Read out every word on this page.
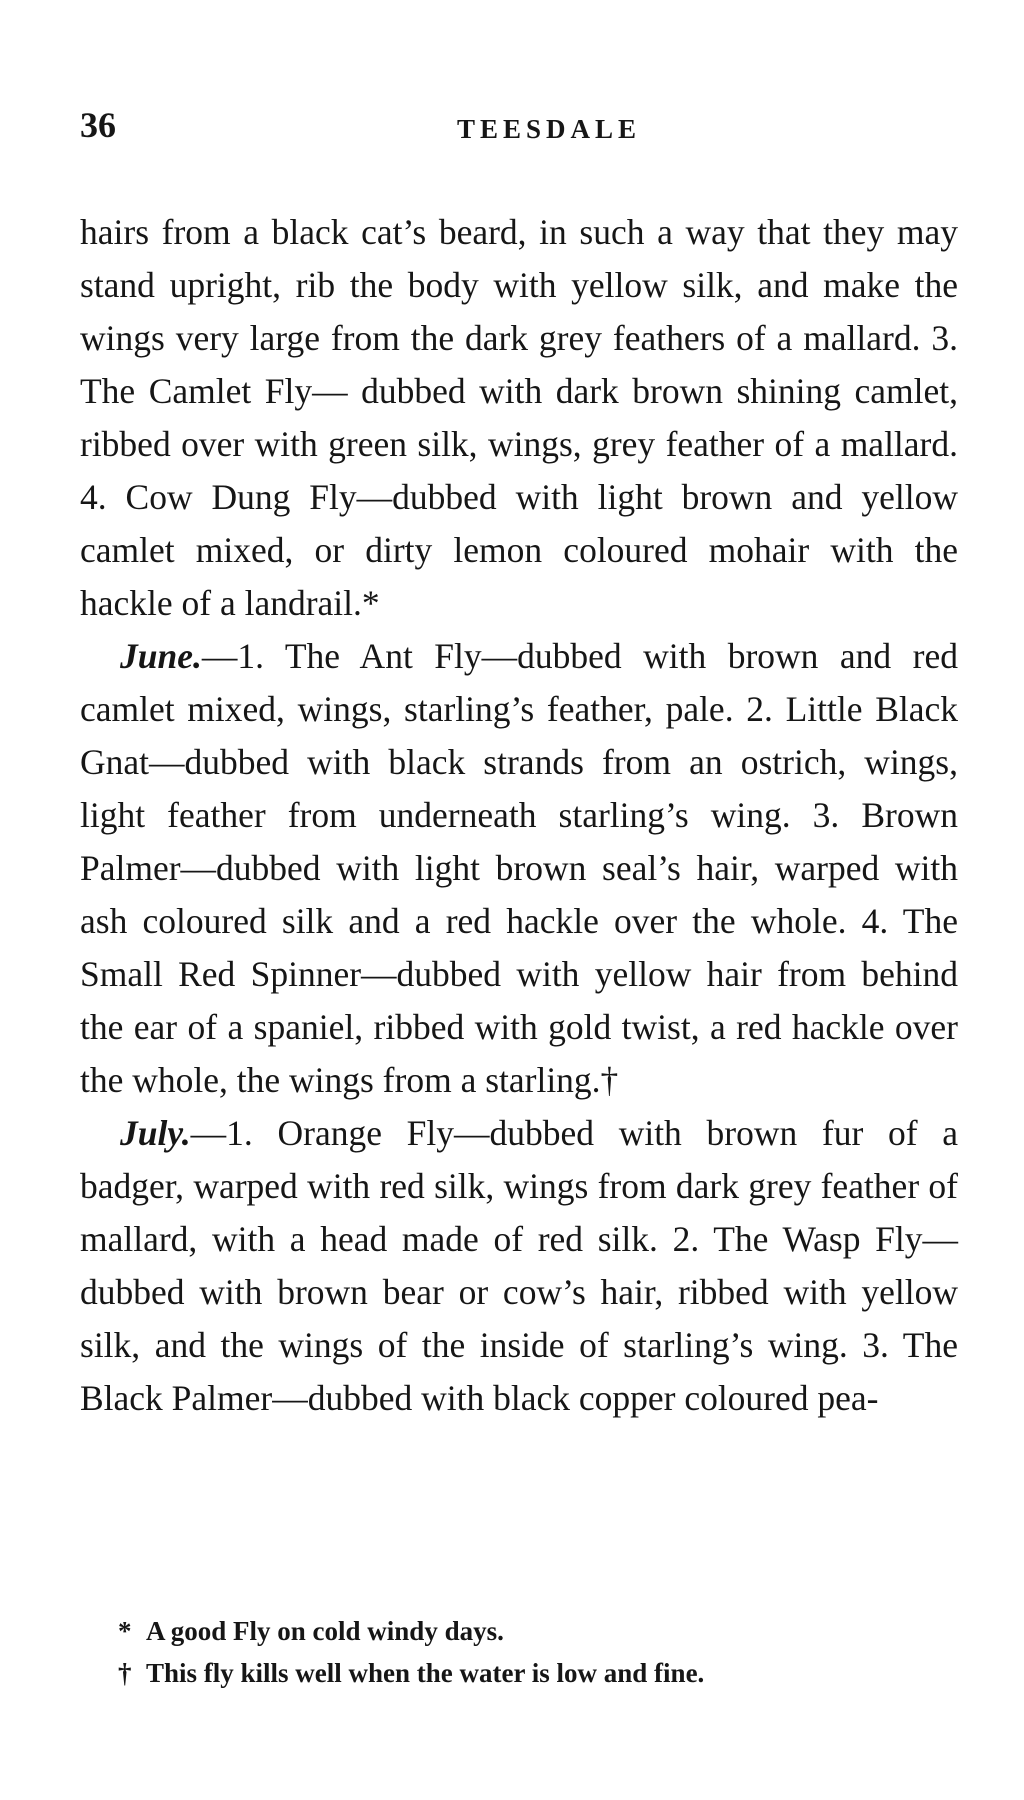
36	TEESDALE

hairs from a black cat’s beard, in such a way that they may stand upright, rib the body with yellow silk, and make the wings very large from the dark grey feathers of a mallard. 3. The Camlet Fly— dubbed with dark brown shining camlet, ribbed over with green silk, wings, grey feather of a mallard. 4. Cow Dung Fly—dubbed with light brown and yellow camlet mixed, or dirty lemon coloured mohair with the hackle of a landrail.*

June.—1. The Ant Fly—dubbed with brown and red camlet mixed, wings, starling’s feather, pale. 2. Little Black Gnat—dubbed with black strands from an ostrich, wings, light feather from underneath starling’s wing. 3. Brown Palmer—dubbed with light brown seal’s hair, warped with ash coloured silk and a red hackle over the whole. 4. The Small Red Spinner—dubbed with yellow hair from behind the ear of a spaniel, ribbed with gold twist, a red hackle over the whole, the wings from a starling.†

July.—1. Orange Fly—dubbed with brown fur of a badger, warped with red silk, wings from dark grey feather of mallard, with a head made of red silk. 2. The Wasp Fly—dubbed with brown bear or cow’s hair, ribbed with yellow silk, and the wings of the inside of starling’s wing. 3. The Black Palmer—dubbed with black copper coloured pea-

* A good Fly on cold windy days.

† This fly kills well when the water is low and fine.
